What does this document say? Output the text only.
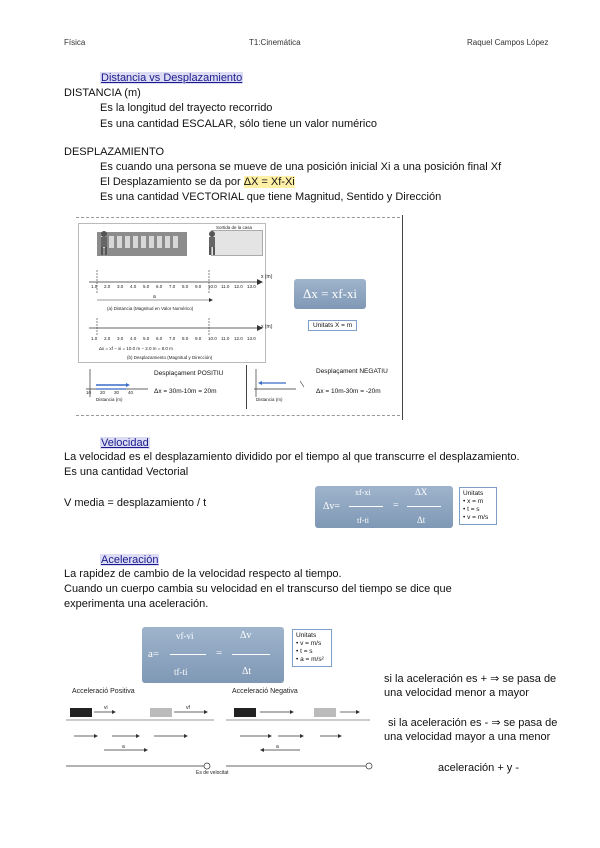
Física	T1:Cinemática	Raquel Campos López
Distancia vs Desplazamiento
DISTANCIA (m)
Es la longitud del trayecto recorrido
Es una cantidad ESCALAR, sólo tiene un valor numérico
DESPLAZAMIENTO
Es cuando una persona se mueve de una posición inicial Xi a una posición final Xf
El Desplazamiento se da por ΔX = Xf-Xi
Es una cantidad VECTORIAL que tiene Magnitud, Sentido y Dirección
Sortida de la casa
x (m)
a
(a) Distancia (Magnitud en Valor Numérico)
1.0 2.0 3.0 4.0 5.0 6.0 7.0 8.0 9.0 10.0 11.0 12.0 13.0
x (m)
1.0 2.0 3.0 4.0 5.0 6.0 7.0 8.0 9.0 10.0 11.0 12.0 13.0
Δx = xf − xi = 10.0 m − 2.0 m = 8.0 m
(b) Desplazamiento (Magnitud y Dirección)
Δx = xf-xi
Unitats X = m
10 20 30 40
Distancia (m)
Desplaçament POSITIU
Δx = 30m-10m = 20m
Distancia (m)
Desplaçament NEGATIU
Δx = 10m-30m = -20m
Velocidad
La velocidad es el desplazamiento dividido por el tiempo al que transcurre el desplazamiento.
Es una cantidad Vectorial
V media = desplazamiento / t	Δv=
xf-xi
tf-ti
=
ΔX
Δt
Unitats
• x = m
• t = s
• v = m/s
Aceleración
La rapidez de cambio de la velocidad respecto al tiempo.
Cuando un cuerpo cambia su velocidad en el transcurso del tiempo se dice que
experimenta una aceleración.
a=
vf-vi
tf-ti
=
Δv
Δt
Unitats
• v = m/s
• t = s
• a = m/s²
Acceleració Positiva	Acceleració Negativa
vi	vf
a	a
Es de velocitat
si la aceleración es + ⇒ se pasa de
una velocidad menor a mayor
si la aceleración es - ⇒ se pasa de
una velocidad mayor a una menor
aceleración + y -
